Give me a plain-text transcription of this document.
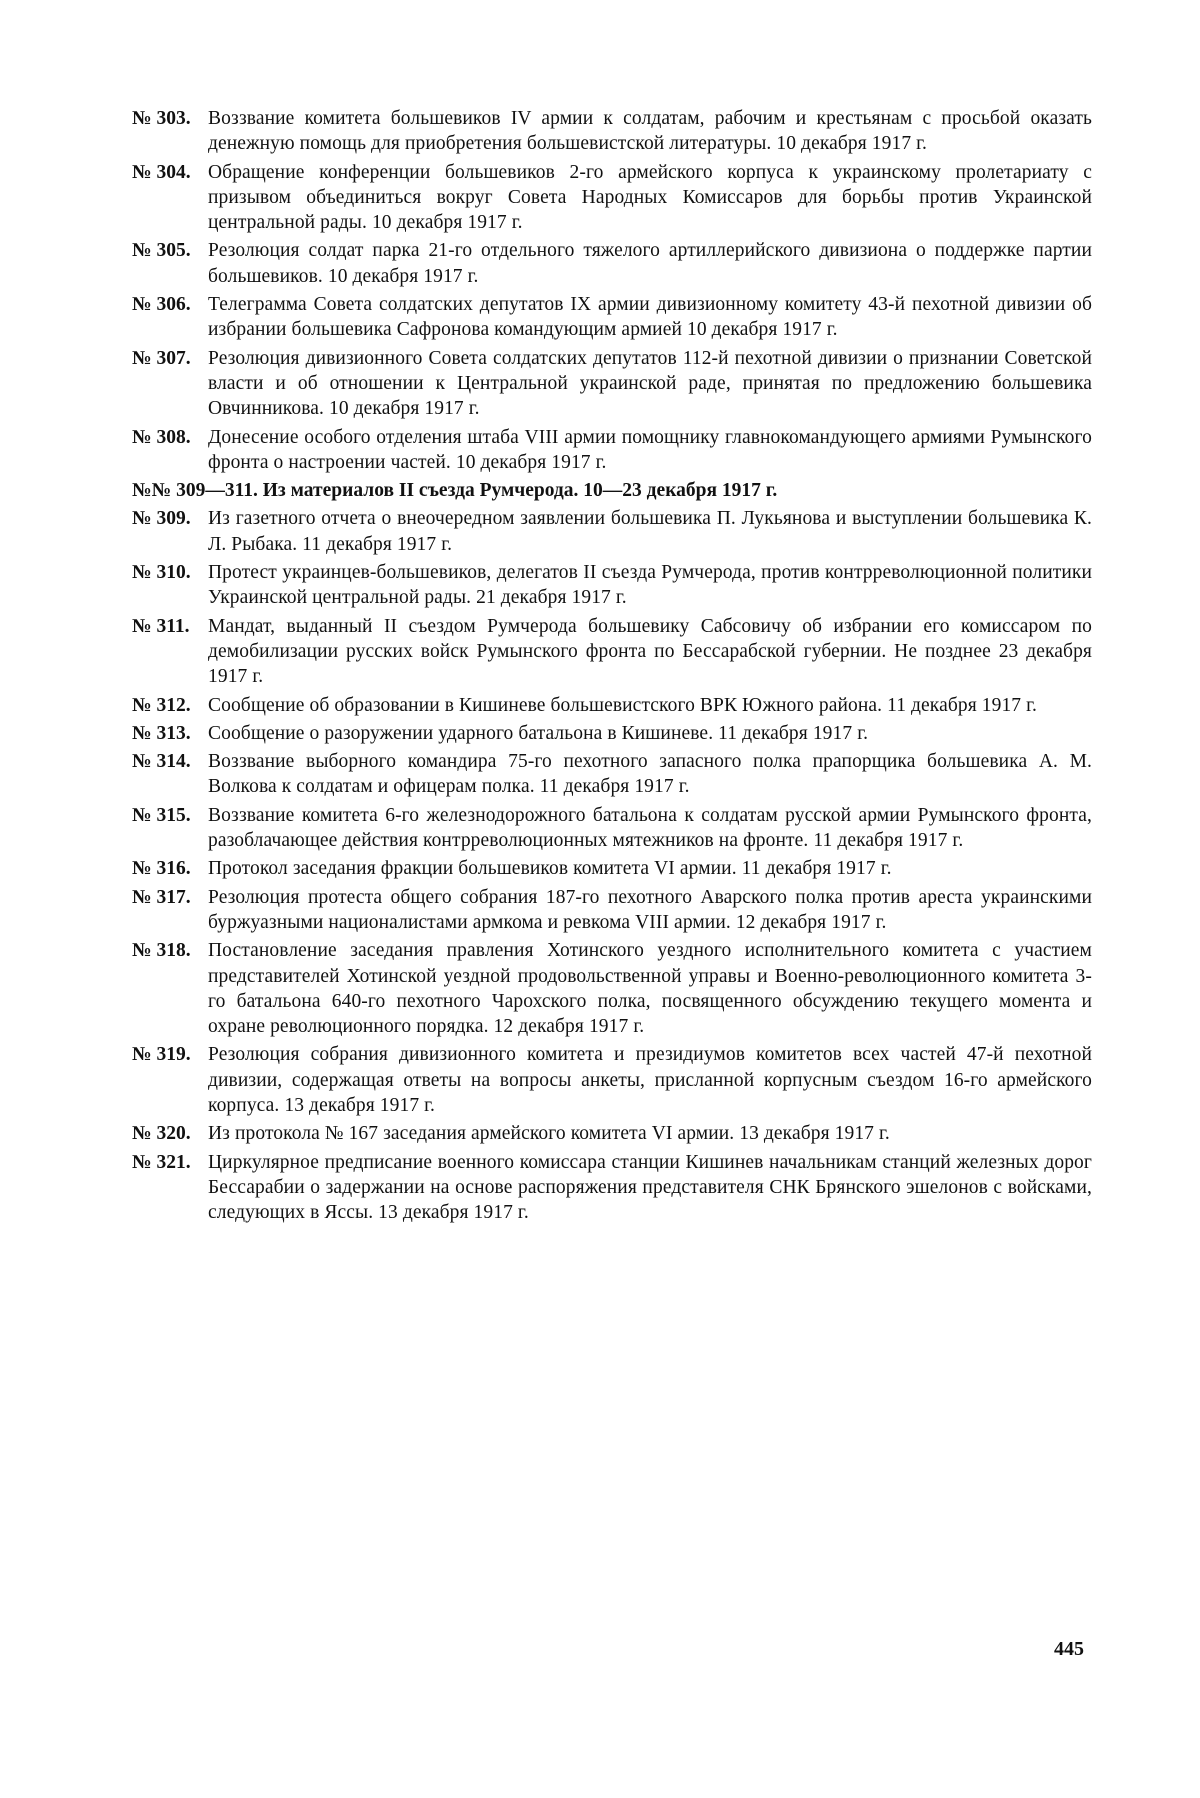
№ 303. Воззвание комитета большевиков IV армии к солдатам, рабочим и крестьянам с просьбой оказать денежную помощь для приобретения большевистской литературы. 10 декабря 1917 г.
№ 304. Обращение конференции большевиков 2-го армейского корпуса к украинскому пролетариату с призывом объединиться вокруг Совета Народных Комиссаров для борьбы против Украинской центральной рады. 10 декабря 1917 г.
№ 305. Резолюция солдат парка 21-го отдельного тяжелого артиллерийского дивизиона о поддержке партии большевиков. 10 декабря 1917 г.
№ 306. Телеграмма Совета солдатских депутатов IX армии дивизионному комитету 43-й пехотной дивизии об избрании большевика Сафронова командующим армией 10 декабря 1917 г.
№ 307. Резолюция дивизионного Совета солдатских депутатов 112-й пехотной дивизии о признании Советской власти и об отношении к Центральной украинской раде, принятая по предложению большевика Овчинникова. 10 декабря 1917 г.
№ 308. Донесение особого отделения штаба VIII армии помощнику главнокомандующего армиями Румынского фронта о настроении частей. 10 декабря 1917 г.
№№ 309—311. Из материалов II съезда Румчерода. 10—23 декабря 1917 г.
№ 309. Из газетного отчета о внеочередном заявлении большевика П. Лукьянова и выступлении большевика К. Л. Рыбака. 11 декабря 1917 г.
№ 310. Протест украинцев-большевиков, делегатов II съезда Румчерода, против контрреволюционной политики Украинской центральной рады. 21 декабря 1917 г.
№ 311. Мандат, выданный II съездом Румчерода большевику Сабсовичу об избрании его комиссаром по демобилизации русских войск Румынского фронта по Бессарабской губернии. Не позднее 23 декабря 1917 г.
№ 312. Сообщение об образовании в Кишиневе большевистского ВРК Южного района. 11 декабря 1917 г.
№ 313. Сообщение о разоружении ударного батальона в Кишиневе. 11 декабря 1917 г.
№ 314. Воззвание выборного командира 75-го пехотного запасного полка прапорщика большевика А. М. Волкова к солдатам и офицерам полка. 11 декабря 1917 г.
№ 315. Воззвание комитета 6-го железнодорожного батальона к солдатам русской армии Румынского фронта, разоблачающее действия контрреволюционных мятежников на фронте. 11 декабря 1917 г.
№ 316. Протокол заседания фракции большевиков комитета VI армии. 11 декабря 1917 г.
№ 317. Резолюция протеста общего собрания 187-го пехотного Аварского полка против ареста украинскими буржуазными националистами армкома и ревкома VIII армии. 12 декабря 1917 г.
№ 318. Постановление заседания правления Хотинского уездного исполнительного комитета с участием представителей Хотинской уездной продовольственной управы и Военно-революционного комитета 3-го батальона 640-го пехотного Чарохского полка, посвященного обсуждению текущего момента и охране революционного порядка. 12 декабря 1917 г.
№ 319. Резолюция собрания дивизионного комитета и президиумов комитетов всех частей 47-й пехотной дивизии, содержащая ответы на вопросы анкеты, присланной корпусным съездом 16-го армейского корпуса. 13 декабря 1917 г.
№ 320. Из протокола № 167 заседания армейского комитета VI армии. 13 декабря 1917 г.
№ 321. Циркулярное предписание военного комиссара станции Кишинев начальникам станций железных дорог Бессарабии о задержании на основе распоряжения представителя СНК Брянского эшелонов с войсками, следующих в Яссы. 13 декабря 1917 г.
445
